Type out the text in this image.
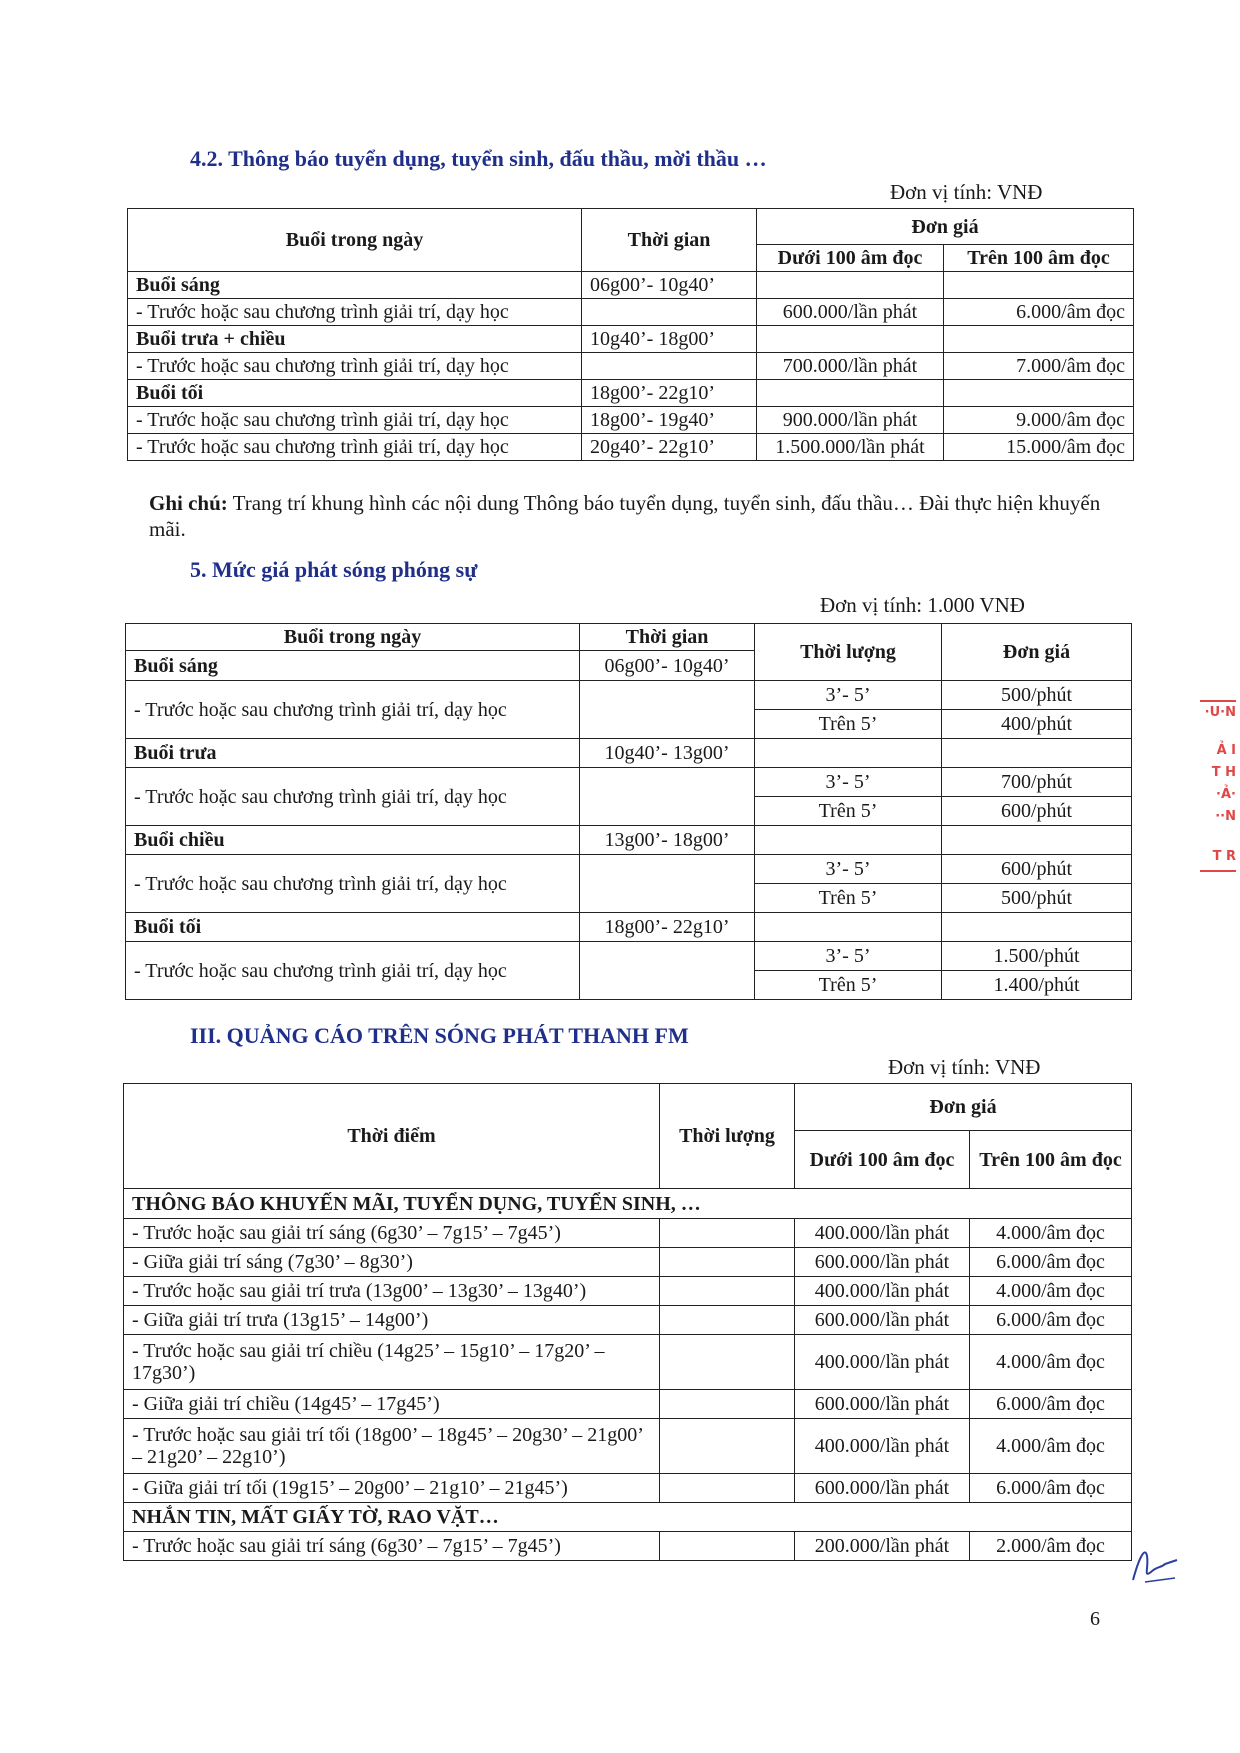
4.2. Thông báo tuyển dụng, tuyển sinh, đấu thầu, mời thầu …
Đơn vị tính: VNĐ
Buổi trong ngày	Thời gian	Đơn giá	
		Dưới 100 âm đọc	Trên 100 âm đọc
Buổi sáng	06g00’- 10g40’		
- Trước hoặc sau chương trình giải trí, dạy học		600.000/lần phát	6.000/âm đọc
Buổi trưa + chiều	10g40’- 18g00’		
- Trước hoặc sau chương trình giải trí, dạy học		700.000/lần phát	7.000/âm đọc
Buổi tối	18g00’- 22g10’		
- Trước hoặc sau chương trình giải trí, dạy học	18g00’- 19g40’	900.000/lần phát	9.000/âm đọc
- Trước hoặc sau chương trình giải trí, dạy học	20g40’- 22g10’	1.500.000/lần phát	15.000/âm đọc
Ghi chú: Trang trí khung hình các nội dung Thông báo tuyển dụng, tuyển sinh, đấu thầu… Đài thực hiện khuyến mãi.
5. Mức giá phát sóng phóng sự
Đơn vị tính: 1.000 VNĐ
Buổi trong ngày	Thời gian	Thời lượng	Đơn giá
Buổi sáng	06g00’- 10g40’		
- Trước hoặc sau chương trình giải trí, dạy học		3’- 5’	500/phút
		Trên 5’	400/phút
Buổi trưa	10g40’- 13g00’		
- Trước hoặc sau chương trình giải trí, dạy học		3’- 5’	700/phút
		Trên 5’	600/phút
Buổi chiều	13g00’- 18g00’		
- Trước hoặc sau chương trình giải trí, dạy học		3’- 5’	600/phút
		Trên 5’	500/phút
Buổi tối	18g00’- 22g10’		
- Trước hoặc sau chương trình giải trí, dạy học		3’- 5’	1.500/phút
		Trên 5’	1.400/phút
III. QUẢNG CÁO TRÊN SÓNG PHÁT THANH FM
Đơn vị tính: VNĐ
Thời điểm	Thời lượng	Đơn giá	
		Dưới 100 âm đọc	Trên 100 âm đọc
THÔNG BÁO KHUYẾN MÃI, TUYỂN DỤNG, TUYỂN SINH, …			
- Trước hoặc sau giải trí sáng (6g30’ – 7g15’ – 7g45’)		400.000/lần phát	4.000/âm đọc
- Giữa giải trí sáng (7g30’ – 8g30’)		600.000/lần phát	6.000/âm đọc
- Trước hoặc sau giải trí trưa (13g00’ – 13g30’ – 13g40’)		400.000/lần phát	4.000/âm đọc
- Giữa giải trí trưa (13g15’ – 14g00’)		600.000/lần phát	6.000/âm đọc
- Trước hoặc sau giải trí chiều (14g25’ – 15g10’ – 17g20’ – 17g30’)		400.000/lần phát	4.000/âm đọc
- Giữa giải trí chiều (14g45’ – 17g45’)		600.000/lần phát	6.000/âm đọc
- Trước hoặc sau giải trí tối (18g00’ – 18g45’ – 20g30’ – 21g00’ – 21g20’ – 22g10’)		400.000/lần phát	4.000/âm đọc
- Giữa giải trí tối (19g15’ – 20g00’ – 21g10’ – 21g45’)		600.000/lần phát	6.000/âm đọc
NHẮN TIN, MẤT GIẤY TỜ, RAO VẶT…			
- Trước hoặc sau giải trí sáng (6g30’ – 7g15’ – 7g45’)		200.000/lần phát	2.000/âm đọc
·U·N
Ả I
T H
·Ả·
··N
T R
6
